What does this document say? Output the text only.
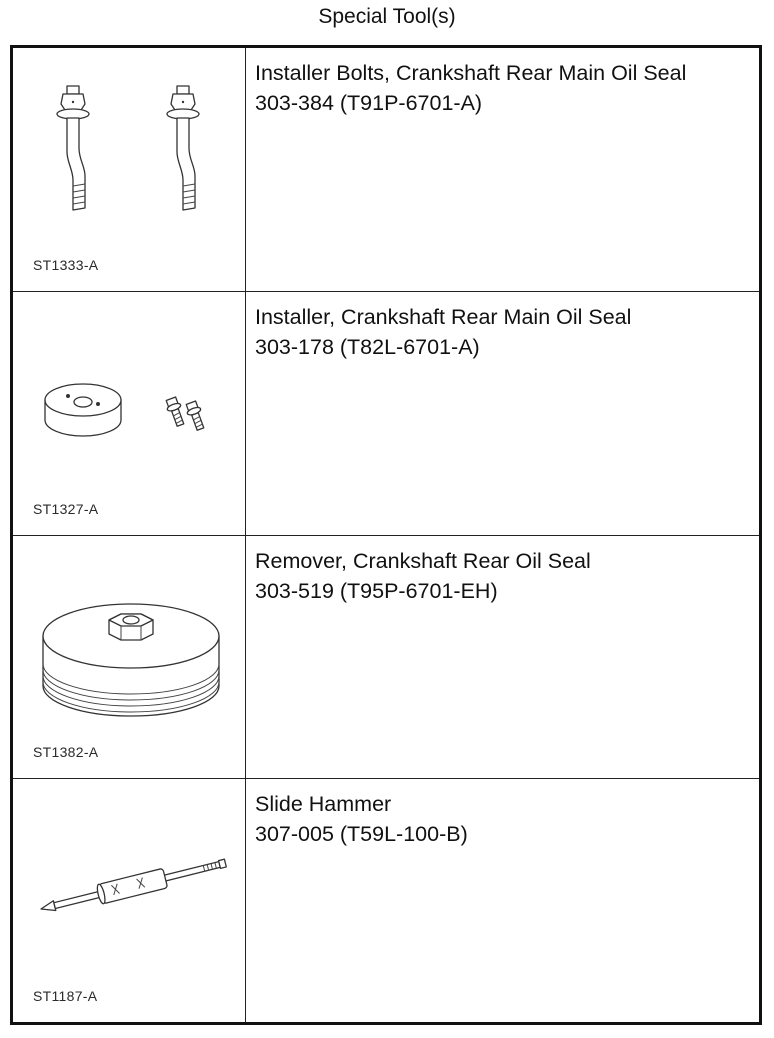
Special Tool(s)
ST1333-A
Installer Bolts, Crankshaft Rear Main Oil Seal
303-384 (T91P-6701-A)
ST1327-A
Installer, Crankshaft Rear Main Oil Seal
303-178 (T82L-6701-A)
ST1382-A
Remover, Crankshaft Rear Oil Seal
303-519 (T95P-6701-EH)
ST1187-A
Slide Hammer
307-005 (T59L-100-B)
